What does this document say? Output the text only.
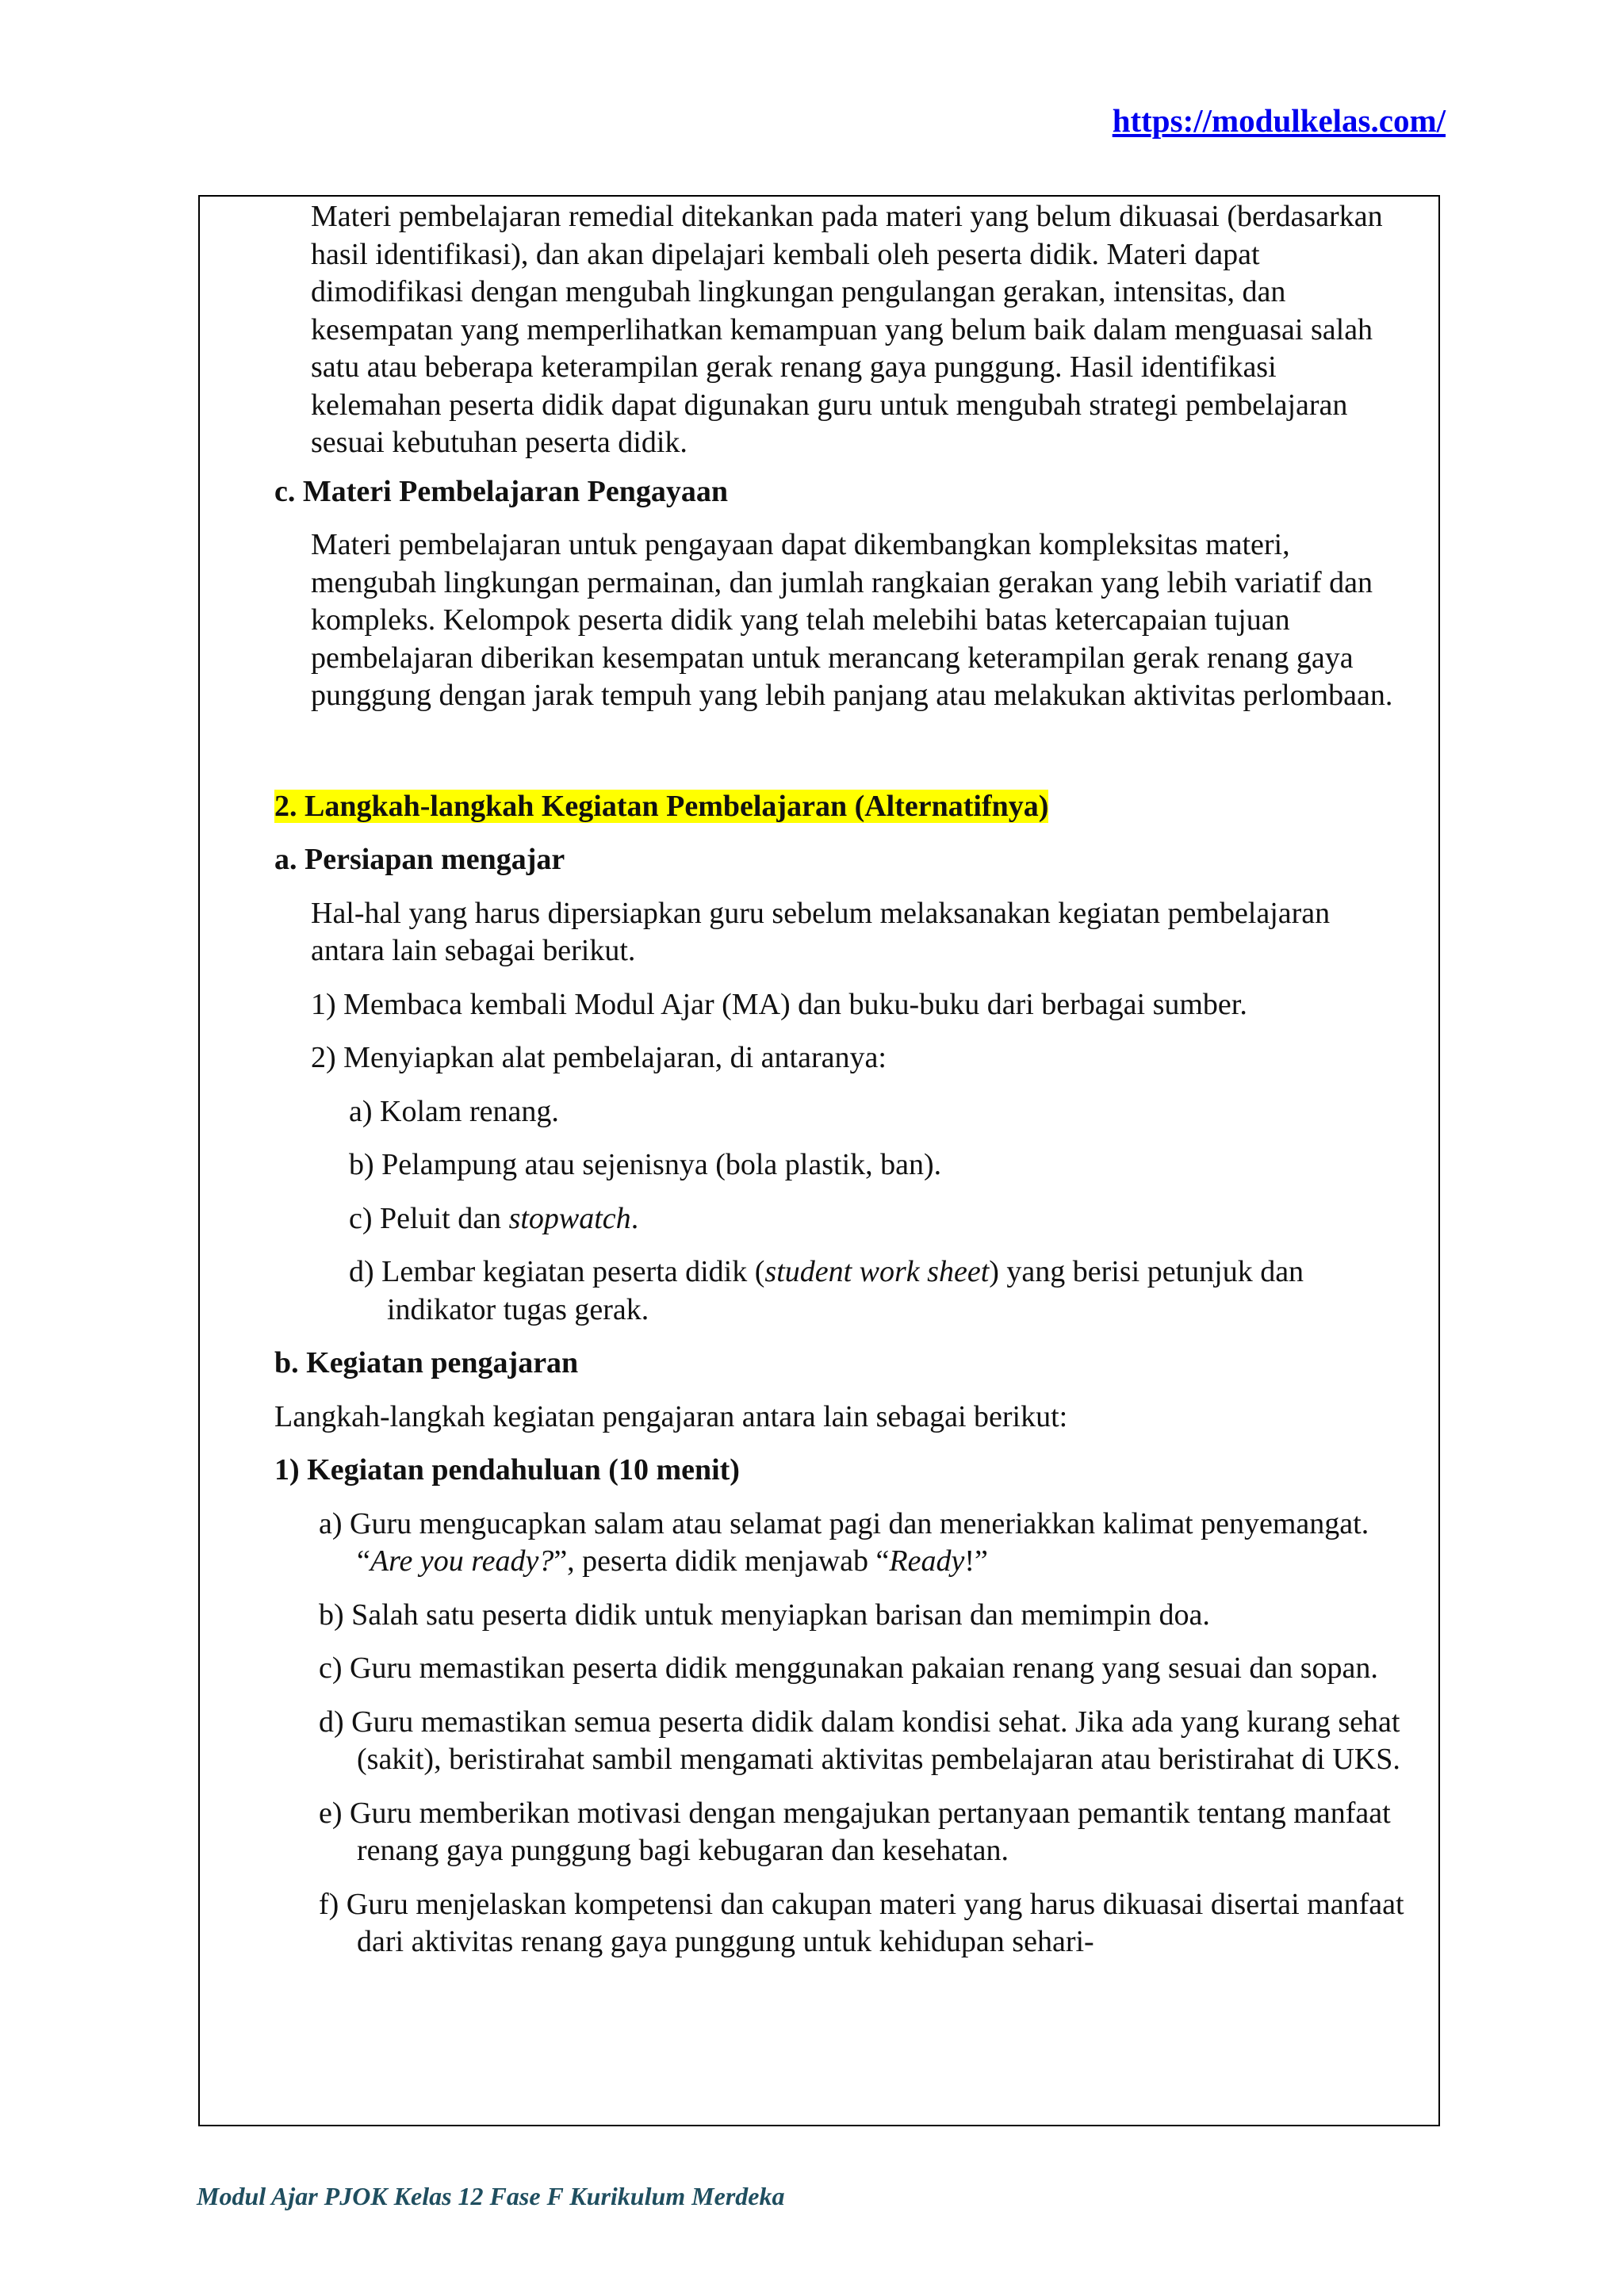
https://modulkelas.com/

Materi pembelajaran remedial ditekankan pada materi yang belum dikuasai (berdasarkan hasil identifikasi), dan akan dipelajari kembali oleh peserta didik. Materi dapat dimodifikasi dengan mengubah lingkungan pengulangan gerakan, intensitas, dan kesempatan yang memperlihatkan kemampuan yang belum baik dalam menguasai salah satu atau beberapa keterampilan gerak renang gaya punggung. Hasil identifikasi kelemahan peserta didik dapat digunakan guru untuk mengubah strategi pembelajaran sesuai kebutuhan peserta didik.

c. Materi Pembelajaran Pengayaan

Materi pembelajaran untuk pengayaan dapat dikembangkan kompleksitas materi, mengubah lingkungan permainan, dan jumlah rangkaian gerakan yang lebih variatif dan kompleks. Kelompok peserta didik yang telah melebihi batas ketercapaian tujuan pembelajaran diberikan kesempatan untuk merancang keterampilan gerak renang gaya punggung dengan jarak tempuh yang lebih panjang atau melakukan aktivitas perlombaan.

2. Langkah-langkah Kegiatan Pembelajaran (Alternatifnya)

a. Persiapan mengajar

Hal-hal yang harus dipersiapkan guru sebelum melaksanakan kegiatan pembelajaran antara lain sebagai berikut.

1) Membaca kembali Modul Ajar (MA) dan buku-buku dari berbagai sumber.

2) Menyiapkan alat pembelajaran, di antaranya:

a) Kolam renang.

b) Pelampung atau sejenisnya (bola plastik, ban).

c) Peluit dan stopwatch.

d) Lembar kegiatan peserta didik (student work sheet) yang berisi petunjuk dan indikator tugas gerak.

b. Kegiatan pengajaran

Langkah-langkah kegiatan pengajaran antara lain sebagai berikut:

1) Kegiatan pendahuluan (10 menit)

a) Guru mengucapkan salam atau selamat pagi dan meneriakkan kalimat penyemangat. “Are you ready?”, peserta didik menjawab “Ready!”

b) Salah satu peserta didik untuk menyiapkan barisan dan memimpin doa.

c) Guru memastikan peserta didik menggunakan pakaian renang yang sesuai dan sopan.

d) Guru memastikan semua peserta didik dalam kondisi sehat. Jika ada yang kurang sehat (sakit), beristirahat sambil mengamati aktivitas pembelajaran atau beristirahat di UKS.

e) Guru memberikan motivasi dengan mengajukan pertanyaan pemantik tentang manfaat renang gaya punggung bagi kebugaran dan kesehatan.

f) Guru menjelaskan kompetensi dan cakupan materi yang harus dikuasai disertai manfaat dari aktivitas renang gaya punggung untuk kehidupan sehari-

Modul Ajar PJOK Kelas 12 Fase F Kurikulum Merdeka
